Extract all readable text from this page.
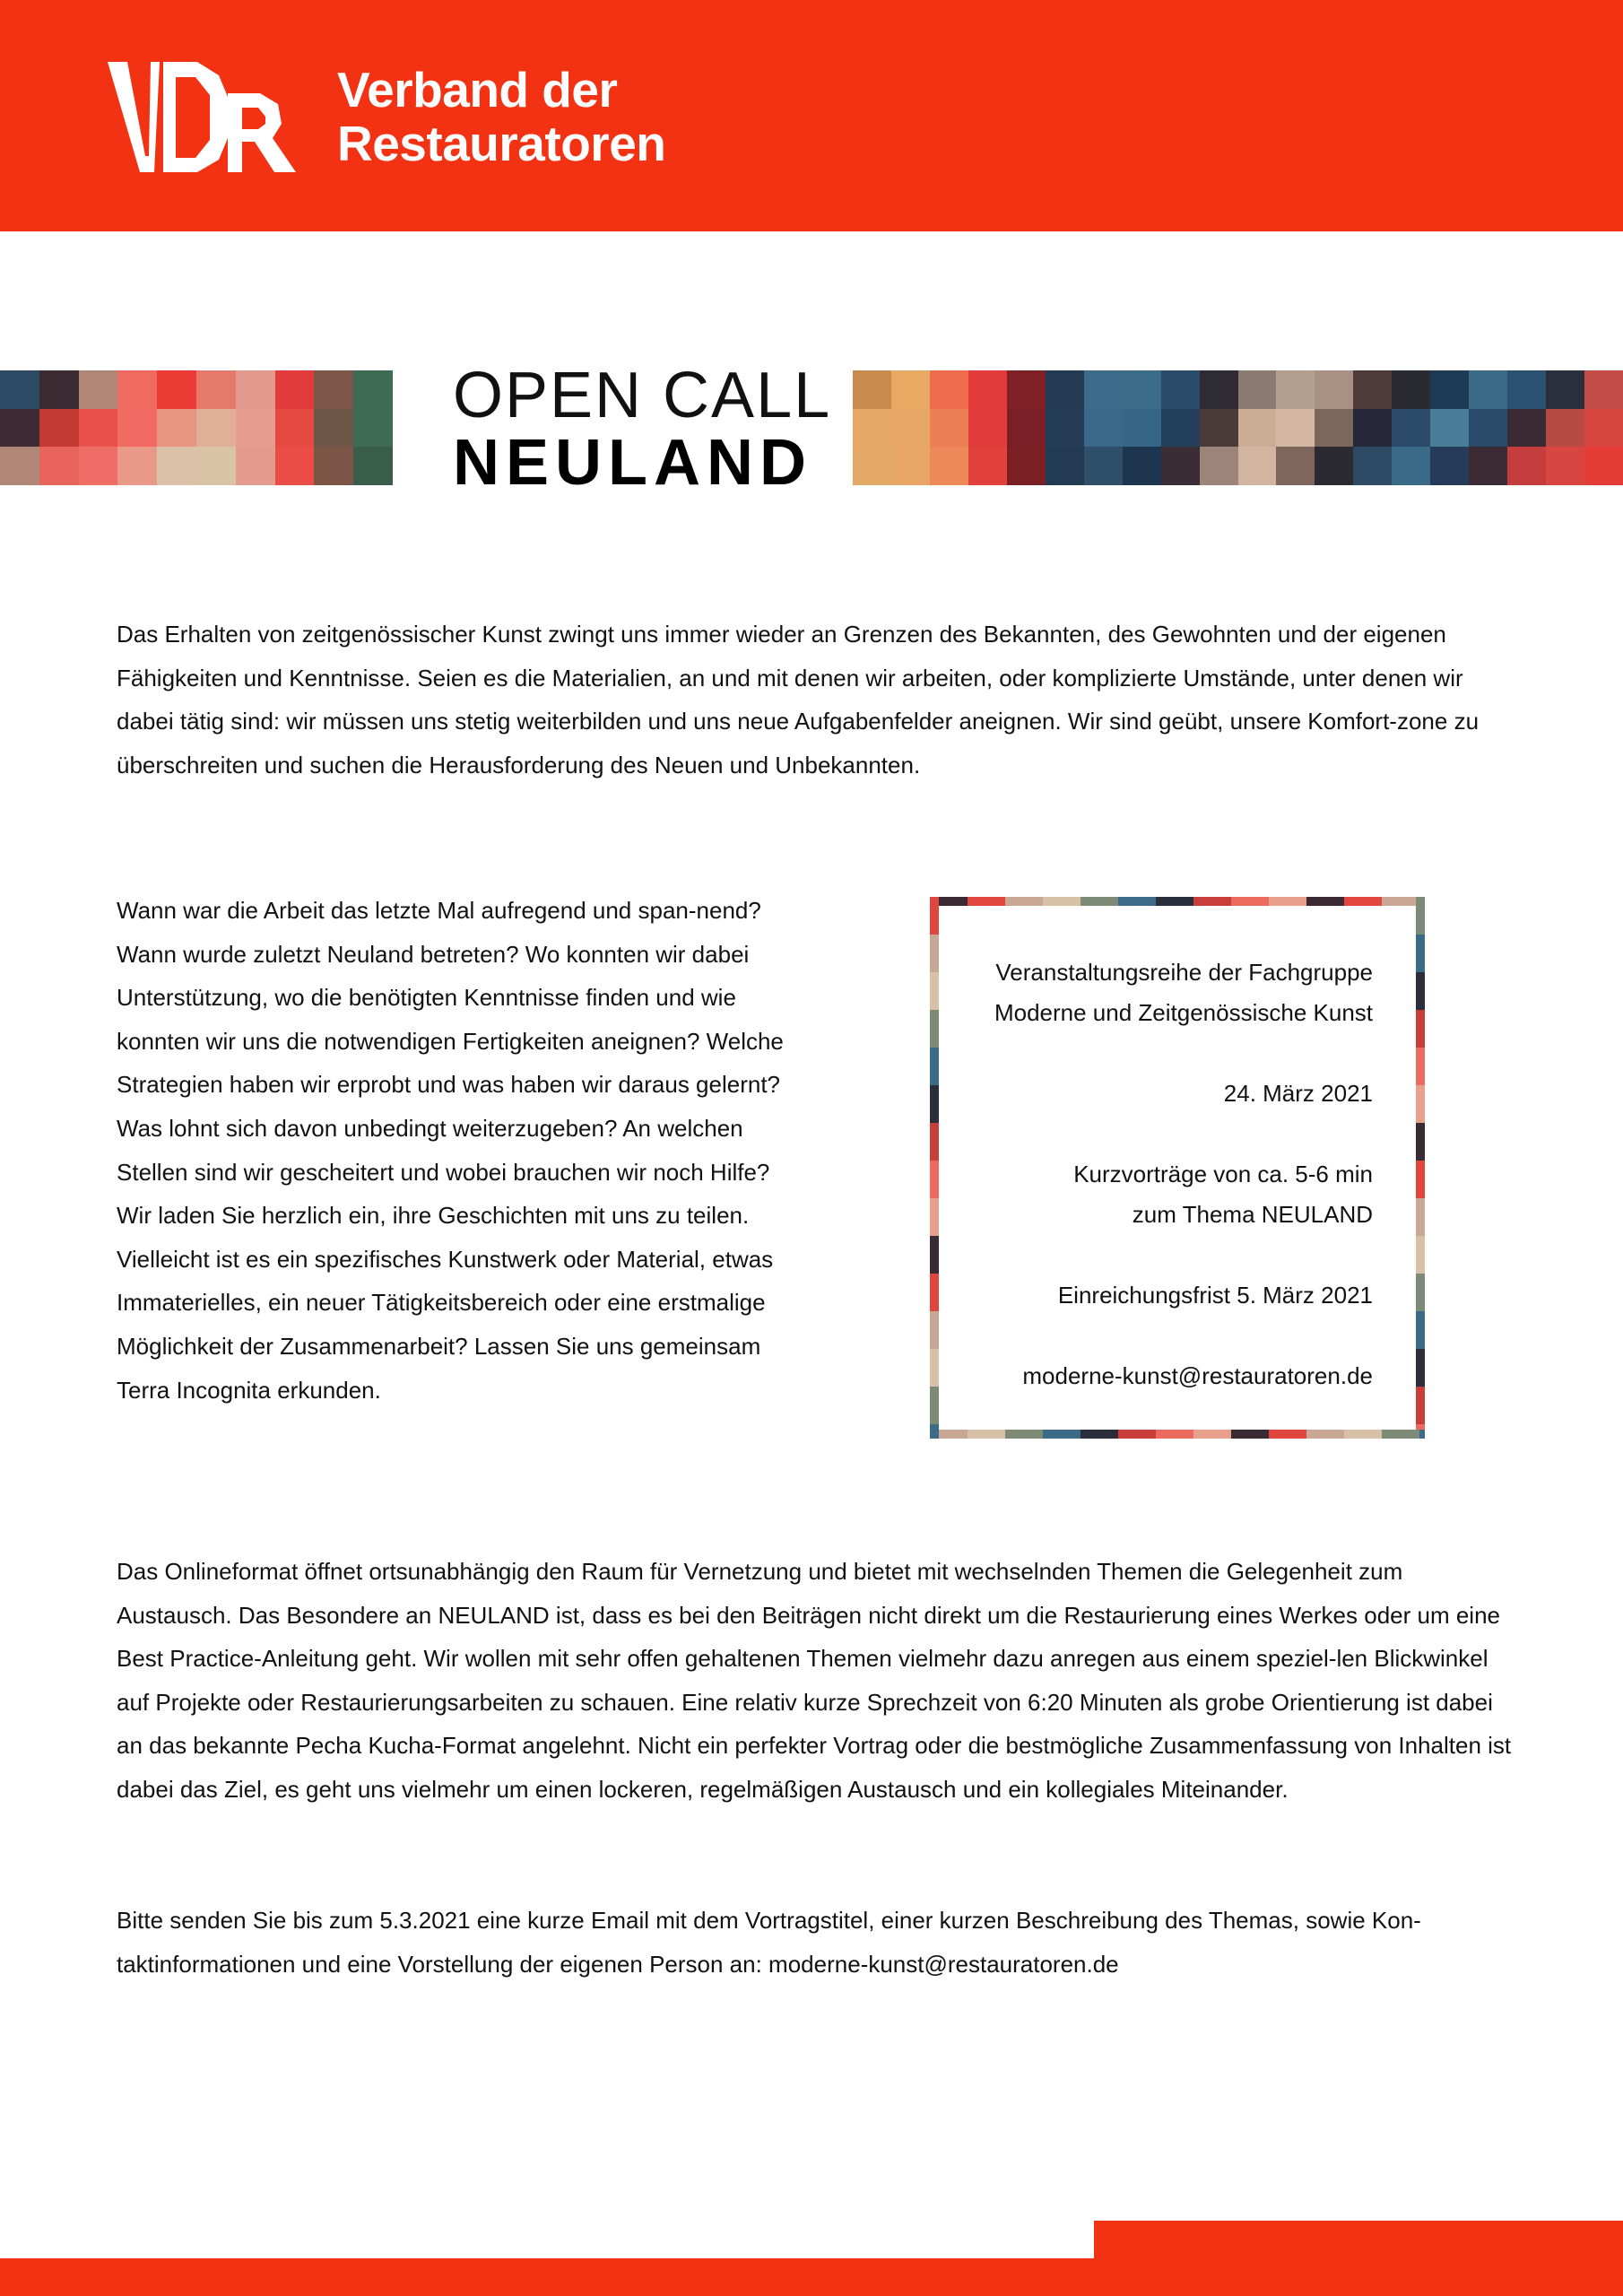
Verband der
Restauratoren
OPEN CALL
NEULAND
Das Erhalten von zeitgenössischer Kunst zwingt uns immer wieder an Grenzen des Bekannten, des Gewohnten und der eigenen Fähigkeiten und Kenntnisse. Seien es die Materialien, an und mit denen wir arbeiten, oder komplizierte Umstände, unter denen wir dabei tätig sind: wir müssen uns stetig weiterbilden und uns neue Aufgabenfelder aneignen. Wir sind geübt, unsere Komfort-zone zu überschreiten und suchen die Herausforderung des Neuen und Unbekannten.
Wann war die Arbeit das letzte Mal aufregend und span-nend? Wann wurde zuletzt Neuland betreten? Wo konnten wir dabei Unterstützung, wo die benötigten Kenntnisse finden und wie konnten wir uns die notwendigen Fertigkeiten aneignen? Welche Strategien haben wir erprobt und was haben wir daraus gelernt? Was lohnt sich davon unbedingt weiterzugeben? An welchen Stellen sind wir gescheitert und wobei brauchen wir noch Hilfe? Wir laden Sie herzlich ein, ihre Geschichten mit uns zu teilen. Vielleicht ist es ein spezifisches Kunstwerk oder Material, etwas Immaterielles, ein neuer Tätigkeitsbereich oder eine erstmalige Möglichkeit der Zusammenarbeit? Lassen Sie uns gemeinsam Terra Incognita erkunden.
Veranstaltungsreihe der Fachgruppe
Moderne und Zeitgenössische Kunst
24. März 2021
Kurzvorträge von ca. 5-6 min
zum Thema NEULAND
Einreichungsfrist 5. März 2021
moderne-kunst@restauratoren.de
Das Onlineformat öffnet ortsunabhängig den Raum für Vernetzung und bietet mit wechselnden Themen die Gelegenheit zum Austausch. Das Besondere an NEULAND ist, dass es bei den Beiträgen nicht direkt um die Restaurierung eines Werkes oder um eine Best Practice-Anleitung geht. Wir wollen mit sehr offen gehaltenen Themen vielmehr dazu anregen aus einem speziel-len Blickwinkel auf Projekte oder Restaurierungsarbeiten zu schauen. Eine relativ kurze Sprechzeit von 6:20 Minuten als grobe Orientierung ist dabei an das bekannte Pecha Kucha-Format angelehnt. Nicht ein perfekter Vortrag oder die bestmögliche Zusammenfassung von Inhalten ist dabei das Ziel, es geht uns vielmehr um einen lockeren, regelmäßigen Austausch und ein kollegiales Miteinander.
Bitte senden Sie bis zum 5.3.2021 eine kurze Email mit dem Vortragstitel, einer kurzen Beschreibung des Themas, sowie Kon-taktinformationen und eine Vorstellung der eigenen Person an: moderne-kunst@restauratoren.de
